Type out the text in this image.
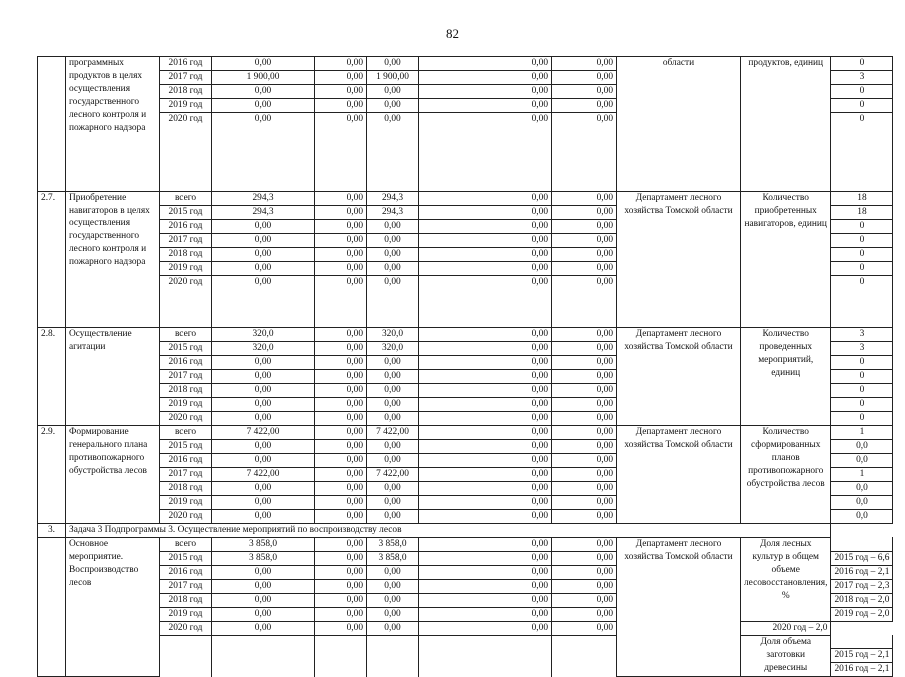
82
	программных продуктов в целях осуществления государственного лесного контроля и пожарного надзора	2016 год	0,00	0,00	0,00	0,00	0,00	области	продуктов, единиц	0
		2017 год	1 900,00	0,00	1 900,00	0,00	0,00			3
		2018 год	0,00	0,00	0,00	0,00	0,00			0
		2019 год	0,00	0,00	0,00	0,00	0,00			0
		2020 год	0,00	0,00	0,00	0,00	0,00			0
2.7.	Приобретение навигаторов в целях осуществления государственного лесного контроля и пожарного надзора	всего	294,3	0,00	294,3	0,00	0,00	Департамент лесного хозяйства Томской области	Количество приобретенных навигаторов, единиц	18
		2015 год	294,3	0,00	294,3	0,00	0,00			18
		2016 год	0,00	0,00	0,00	0,00	0,00			0
		2017 год	0,00	0,00	0,00	0,00	0,00			0
		2018 год	0,00	0,00	0,00	0,00	0,00			0
		2019 год	0,00	0,00	0,00	0,00	0,00			0
		2020 год	0,00	0,00	0,00	0,00	0,00			0
2.8.	Осуществление агитации	всего	320,0	0,00	320,0	0,00	0,00	Департамент лесного хозяйства Томской области	Количество проведенных мероприятий, единиц	3
		2015 год	320,0	0,00	320,0	0,00	0,00			3
		2016 год	0,00	0,00	0,00	0,00	0,00			0
		2017 год	0,00	0,00	0,00	0,00	0,00			0
		2018 год	0,00	0,00	0,00	0,00	0,00			0
		2019 год	0,00	0,00	0,00	0,00	0,00			0
		2020 год	0,00	0,00	0,00	0,00	0,00			0
2.9.	Формирование генерального плана противопожарного обустройства лесов	всего	7 422,00	0,00	7 422,00	0,00	0,00	Департамент лесного хозяйства Томской области	Количество сформированных планов противопожарного обустройства лесов	1
		2015 год	0,00	0,00	0,00	0,00	0,00			0,0
		2016 год	0,00	0,00	0,00	0,00	0,00			0,0
		2017 год	7 422,00	0,00	7 422,00	0,00	0,00			1
		2018 год	0,00	0,00	0,00	0,00	0,00			0,0
		2019 год	0,00	0,00	0,00	0,00	0,00			0,0
		2020 год	0,00	0,00	0,00	0,00	0,00			0,0
3.	Задача 3 Подпрограммы 3. Осуществление мероприятий по воспроизводству лесов									
	Основное мероприятие. Воспроизводство лесов	всего	3 858,0	0,00	3 858,0	0,00	0,00	Департамент лесного хозяйства Томской области	Доля лесных культур в общем объеме лесовосстановления, %	
		2015 год	3 858,0	0,00	3 858,0	0,00	0,00			2015 год – 6,6
		2016 год	0,00	0,00	0,00	0,00	0,00			2016 год – 2,1
		2017 год	0,00	0,00	0,00	0,00	0,00			2017 год – 2,3
		2018 год	0,00	0,00	0,00	0,00	0,00			2018 год – 2,0
		2019 год	0,00	0,00	0,00	0,00	0,00			2019 год – 2,0
		2020 год	0,00	0,00	0,00	0,00	0,00		2020 год – 2,0	
									Доля объема заготовки древесины	
										2015 год – 2,1
										2016 год – 2,1
